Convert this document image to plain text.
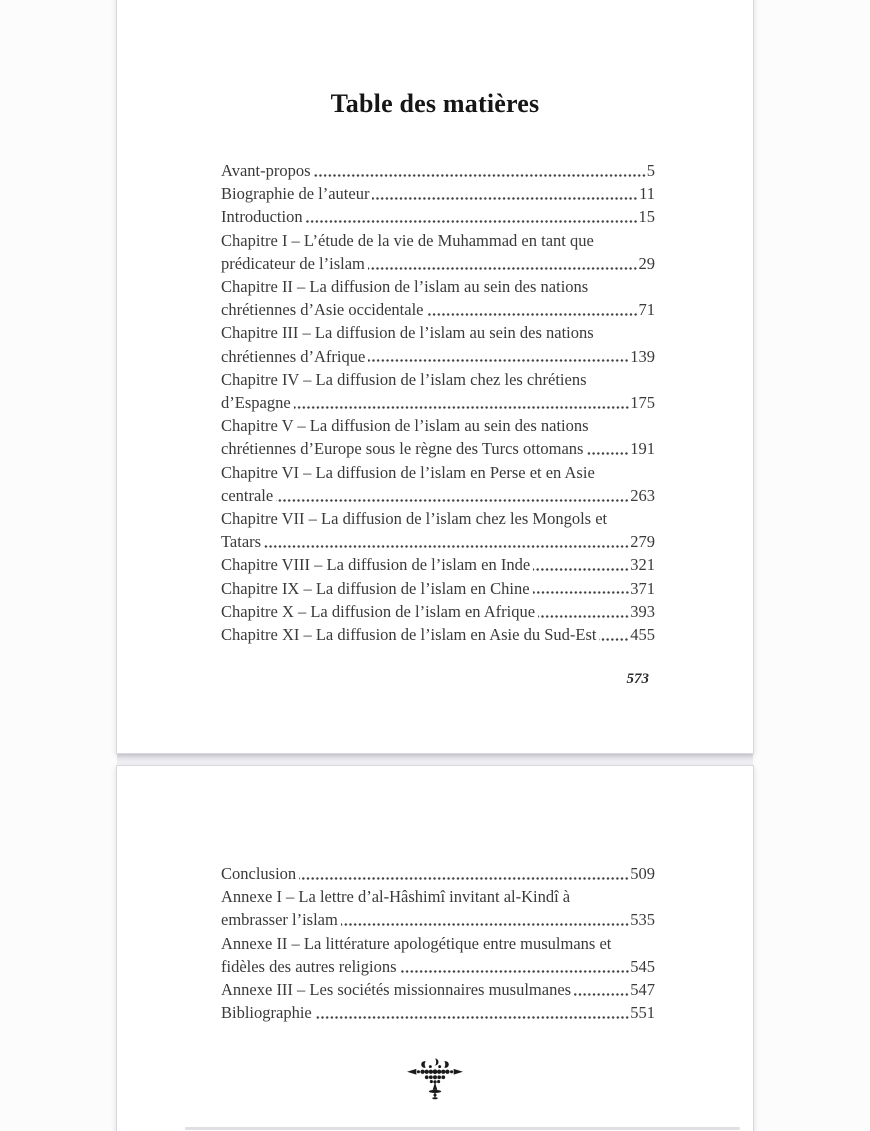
Table des matières
Avant-propos	5
Biographie de l’auteur	11
Introduction	15
Chapitre I – L’étude de la vie de Muhammad en tant que
prédicateur de l’islam	29
Chapitre II – La diffusion de l’islam au sein des nations
chrétiennes d’Asie occidentale	71
Chapitre III – La diffusion de l’islam au sein des nations
chrétiennes d’Afrique	139
Chapitre IV – La diffusion de l’islam chez les chrétiens
d’Espagne	175
Chapitre V – La diffusion de l’islam au sein des nations
chrétiennes d’Europe sous le règne des Turcs ottomans	191
Chapitre VI – La diffusion de l’islam en Perse et en Asie
centrale	263
Chapitre VII – La diffusion de l’islam chez les Mongols et
Tatars	279
Chapitre VIII – La diffusion de l’islam en Inde	321
Chapitre IX – La diffusion de l’islam en Chine	371
Chapitre X – La diffusion de l’islam en Afrique	393
Chapitre XI – La diffusion de l’islam en Asie du Sud-Est 455
573
Conclusion	509
Annexe I – La lettre d’al-Hâshimî invitant al-Kindî à
embrasser l’islam	535
Annexe II – La littérature apologétique entre musulmans et
fidèles des autres religions	545
Annexe III – Les sociétés missionnaires musulmanes	547
Bibliographie	551
